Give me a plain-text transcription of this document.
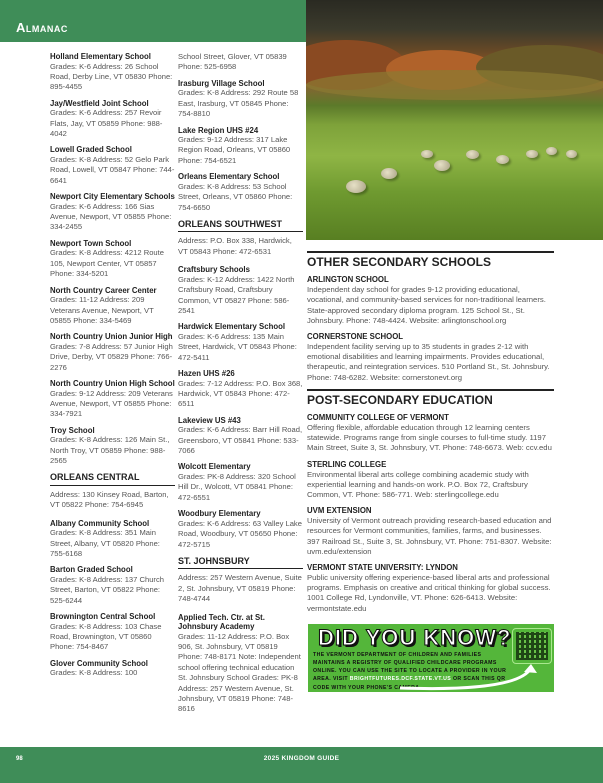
Almanac
Holland Elementary School
Grades: K-6 Address: 26 School Road, Derby Line, VT 05830 Phone: 895-4455
Jay/Westfield Joint School
Grades: K-6 Address: 257 Revoir Flats, Jay, VT 05859 Phone: 988-4042
Lowell Graded School
Grades: K-8 Address: 52 Gelo Park Road, Lowell, VT 05847 Phone: 744-6641
Newport City Elementary Schools
Grades: K-6 Address: 166 Sias Avenue, Newport, VT 05855 Phone: 334-2455
Newport Town School
Grades: K-8 Address: 4212 Route 105, Newport Center, VT 05857 Phone: 334-5201
North Country Career Center
Grades: 11-12 Address: 209 Veterans Avenue, Newport, VT 05855 Phone: 334-5469
North Country Union Junior High
Grades: 7-8 Address: 57 Junior High Drive, Derby, VT 05829 Phone: 766-2276
North Country Union High School
Grades: 9-12 Address: 209 Veterans Avenue, Newport, VT 05855 Phone: 334-7921
Troy School
Grades: K-8 Address: 126 Main St., North Troy, VT 05859 Phone: 988-2565
ORLEANS CENTRAL
Address: 130 Kinsey Road, Barton, VT 05822 Phone: 754-6945
Albany Community School
Grades: K-8 Address: 351 Main Street, Albany, VT 05820 Phone: 755-6168
Barton Graded School
Grades: K-8 Address: 137 Church Street, Barton, VT 05822 Phone: 525-6244
Brownington Central School
Grades: K-8 Address: 103 Chase Road, Brownington, VT 05860 Phone: 754-8467
Glover Community School
Grades: K-8 Address: 100
School Street, Glover, VT 05839 Phone: 525-6958
Irasburg Village School
Grades: K-8 Address: 292 Route 58 East, Irasburg, VT 05845 Phone: 754-8810
Lake Region UHS #24
Grades: 9-12 Address: 317 Lake Region Road, Orleans, VT 05860 Phone: 754-6521
Orleans Elementary School
Grades: K-8 Address: 53 School Street, Orleans, VT 05860 Phone: 754-6650
ORLEANS SOUTHWEST
Address: P.O. Box 338, Hardwick, VT 05843 Phone: 472-6531
Craftsbury Schools
Grades: K-12 Address: 1422 North Craftsbury Road, Craftsbury Common, VT 05827 Phone: 586-2541
Hardwick Elementary School
Grades: K-6 Address: 135 Main Street, Hardwick, VT 05843 Phone: 472-5411
Hazen UHS #26
Grades: 7-12 Address: P.O. Box 368, Hardwick, VT 05843 Phone: 472-6511
Lakeview US #43
Grades: K-6 Address: Barr Hill Road, Greensboro, VT 05841 Phone: 533-7066
Wolcott Elementary
Grades: PK-8 Address: 320 School Hill Dr., Wolcott, VT 05841 Phone: 472-6551
Woodbury Elementary
Grades: K-6 Address: 63 Valley Lake Road, Woodbury, VT 05650 Phone: 472-5715
ST. JOHNSBURY
Address: 257 Western Avenue, Suite 2, St. Johnsbury, VT 05819 Phone: 748-4744
Applied Tech. Ctr. at St. Johnsbury Academy
Grades: 11-12 Address: P.O. Box 906, St. Johnsbury, VT 05819 Phone: 748-8171 Note: Independent school offering technical education St. Johnsbury School Grades: PK-8 Address: 257 Western Avenue, St. Johnsbury, VT 05819 Phone: 748-8616
OTHER SECONDARY SCHOOLS
ARLINGTON SCHOOL
Independent day school for grades 9-12 providing educational, vocational, and community-based services for non-traditional learners. State-approved secondary diploma program. 125 School St., St. Johnsbury. Phone: 748-4424. Website: arlingtonschool.org
CORNERSTONE SCHOOL
Independent facility serving up to 35 students in grades 2-12 with emotional disabilities and learning impairments. Provides educational, therapeutic, and reintegration services. 510 Portland St., St. Johnsbury. Phone: 748-6282. Website: cornerstonevt.org
POST-SECONDARY EDUCATION
COMMUNITY COLLEGE OF VERMONT
Offering flexible, affordable education through 12 learning centers statewide. Programs range from single courses to full-time study. 1197 Main Street, Suite 3, St. Johnsbury, VT. Phone: 748-6673. Web: ccv.edu
STERLING COLLEGE
Environmental liberal arts college combining academic study with experiential learning and hands-on work. P.O. Box 72, Craftsbury Common, VT. Phone: 586-771. Web: sterlingcollege.edu
UVM EXTENSION
University of Vermont outreach providing research-based education and resources for Vermont communities, families, farms, and businesses. 397 Railroad St., Suite 3, St. Johnsbury, VT. Phone: 751-8307. Website: uvm.edu/extension
VERMONT STATE UNIVERSITY: LYNDON
Public university offering experience-based liberal arts and professional programs. Emphasis on creative and critical thinking for global success. 1001 College Rd, Lyndonville, VT. Phone: 626-6413. Website: vermontstate.edu
DID YOU KNOW?
THE VERMONT DEPARTMENT OF CHILDREN AND FAMILIES MAINTAINS A REGISTRY OF QUALIFIED CHILDCARE PROGRAMS ONLINE. YOU CAN USE THE SITE TO LOCATE A PROVIDER IN YOUR AREA. VISIT BRIGHTFUTURES.DCF.STATE.VT.US OR SCAN THIS QR CODE WITH YOUR PHONE'S CAMERA.
98	2025 KINGDOM GUIDE
